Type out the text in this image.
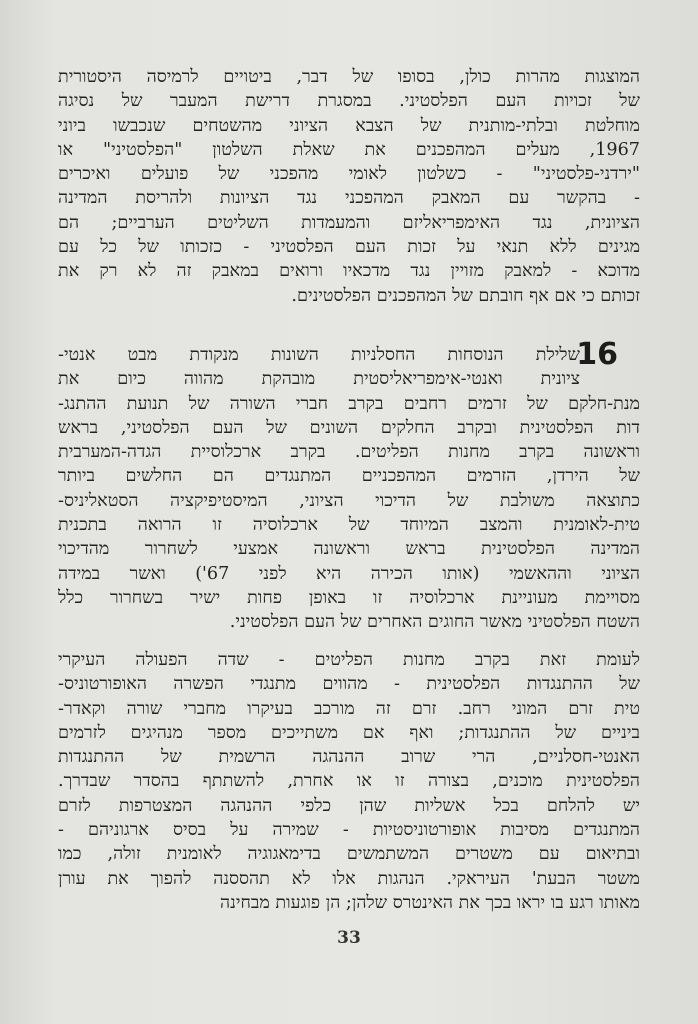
המוצגות מהרות כולן, בסופו של דבר, ביטויים לרמיסה היסטורית
של זכויות העם הפלסטיני. במסגרת דרישת המעבר של נסיגה
מוחלטת ובלתי-מותנית של הצבא הציוני מהשטחים שנכבשו ביוני
1967, מעלים המהפכנים את שאלת השלטון "הפלסטיני" או
"ירדני-פלסטיני" - כשלטון לאומי מהפכני של פועלים ואיכרים
- בהקשר עם המאבק המהפכני נגד הציונות ולהריסת המדינה
הציונית, נגד האימפריאליזם והמעמדות השליטים הערביים; הם
מגינים ללא תנאי על זכות העם הפלסטיני - כזכותו של כל עם
מדוכא - למאבק מזויין נגד מדכאיו ורואים במאבק זה לא רק את
זכותם כי אם אף חובתם של המהפכנים הפלסטינים.
16
שלילת הנוסחות החסלניות השונות מנקודת מבט אנטי-
ציונית ואנטי-אימפריאליסטית מובהקת מהווה כיום את
מנת-חלקם של זרמים רחבים בקרב חברי השורה של תנועת ההתנג-
דות הפלסטינית ובקרב החלקים השונים של העם הפלסטיני, בראש
וראשונה בקרב מחנות הפליטים. בקרב ארכלוסיית הגדה-המערבית
של הירדן, הזרמים המהפכניים המתנגדים הם החלשים ביותר
כתוצאה משולבת של הדיכוי הציוני, המיסטיפיקציה הסטאליניס-
טית-לאומנית והמצב המיוחד של ארכלוסיה זו הרואה בתכנית
המדינה הפלסטינית בראש וראשונה אמצעי לשחרור מהדיכוי
הציוני וההאשמי (אותו הכירה היא לפני 67') ואשר במידה
מסויימת מעוניינת ארכלוסיה זו באופן פחות ישיר בשחרור כלל
השטח הפלסטיני מאשר החוגים האחרים של העם הפלסטיני.
לעומת זאת בקרב מחנות הפליטים - שדה הפעולה העיקרי
של ההתנגדות הפלסטינית - מהווים מתנגדי הפשרה האופורטוניס-
טית זרם המוני רחב. זרם זה מורכב בעיקרו מחברי שורה וקאדר-
ביניים של ההתנגדות; ואף אם משתייכים מספר מנהיגים לזרמים
האנטי-חסלניים, הרי שרוב ההנהגה הרשמית של ההתנגדות
הפלסטינית מוכנים, בצורה זו או אחרת, להשתתף בהסדר שבדרך.
יש להלחם בכל אשליות שהן כלפי ההנהגה המצטרפות לזרם
המתנגדים מסיבות אופורטוניסטיות - שמירה על בסיס ארגוניהם -
ובתיאום עם משטרים המשתמשים בדימאגוגיה לאומנית זולה, כמו
משטר הבעת' העיראקי. הנהגות אלו לא תהססנה להפוך את עורן
מאותו רגע בו יראו בכך את האינטרס שלהן; הן פוגעות מבחינה
33
